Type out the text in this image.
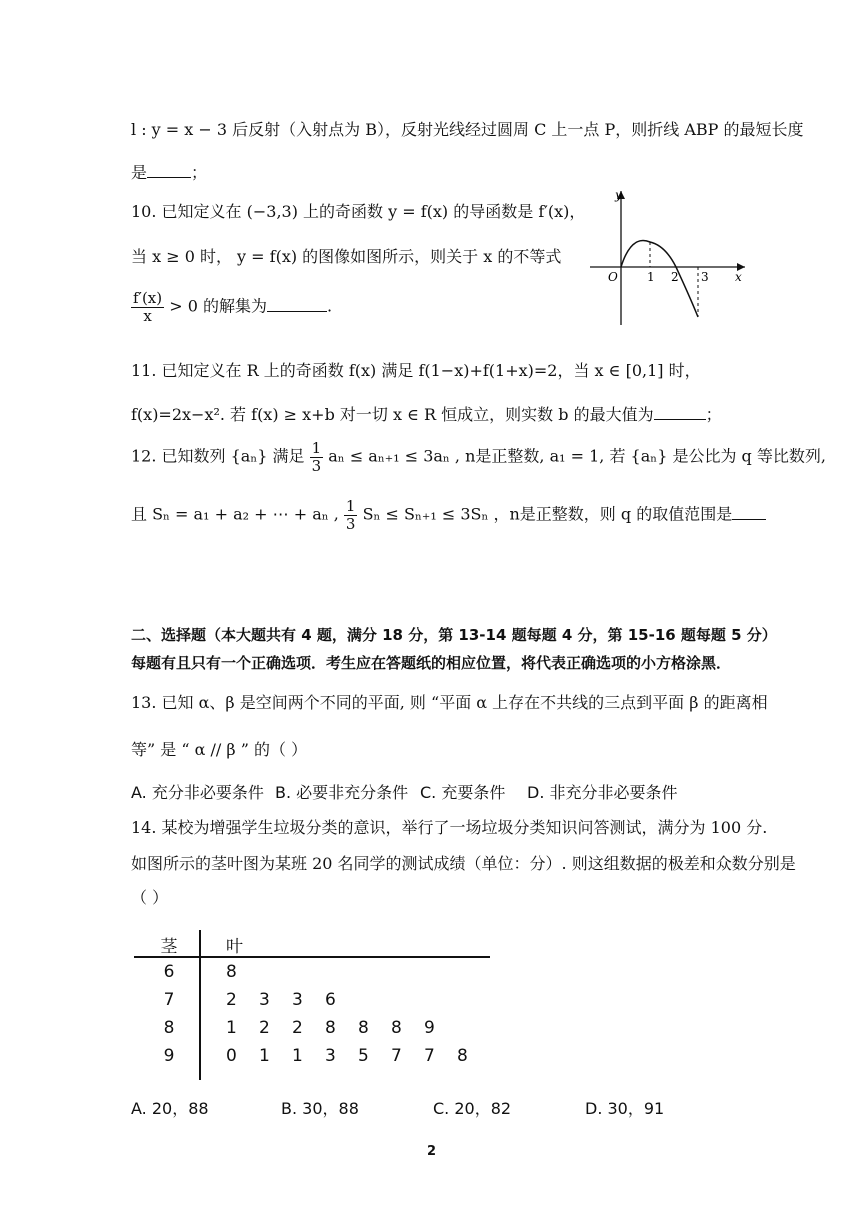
l : y = x − 3 后反射（入射点为 B），反射光线经过圆周 C 上一点 P，则折线 ABP 的最短长度
是	；
10. 已知定义在 (−3,3) 上的奇函数 y = f(x) 的导函数是 f′(x)，
当 x ≥ 0 时， y = f(x) 的图像如图所示，则关于 x 的不等式
$\frac{f'(x)}{x} > 0$ 的解集为	.
y
x
O 1 2 3
11. 已知定义在 R 上的奇函数 f(x) 满足 f(1−x)+f(1+x)=2，当 x ∈ [0,1] 时，
f(x)=2x−x². 若 f(x) ≥ x+b 对一切 x ∈ R 恒成立，则实数 b 的最大值为	；
12. 已知数列 {aₙ} 满足 $\frac{1}{3}$ aₙ ≤ aₙ₊₁ ≤ 3aₙ , n是正整数, a₁ = 1, 若 {aₙ} 是公比为 q 等比数列,
且 Sₙ = a₁ + a₂ + ⋯ + aₙ , $\frac{1}{3}$ Sₙ ≤ Sₙ₊₁ ≤ 3Sₙ ，n是正整数，则 q 的取值范围是
二、选择题（本大题共有 4 题，满分 18 分，第 13-14 题每题 4 分，第 15-16 题每题 5 分）
每题有且只有一个正确选项．考生应在答题纸的相应位置，将代表正确选项的小方格涂黑．
13. 已知 α、β 是空间两个不同的平面, 则 “平面 α 上存在不共线的三点到平面 β 的距离相
等” 是 “ α // β ” 的（ ）
A. 充分非必要条件 B. 必要非充分条件 C. 充要条件 D. 非充分非必要条件
14. 某校为增强学生垃圾分类的意识，举行了一场垃圾分类知识问答测试，满分为 100 分.
如图所示的茎叶图为某班 20 名同学的测试成绩（单位：分）. 则这组数据的极差和众数分别是
（ ）
茎	叶
6	8
7	2 3 3 6
8	1 2 2 8 8 8 9
9	0 1 1 3 5 7 7 8
A. 20，88	B. 30，88	C. 20，82	D. 30，91
2
